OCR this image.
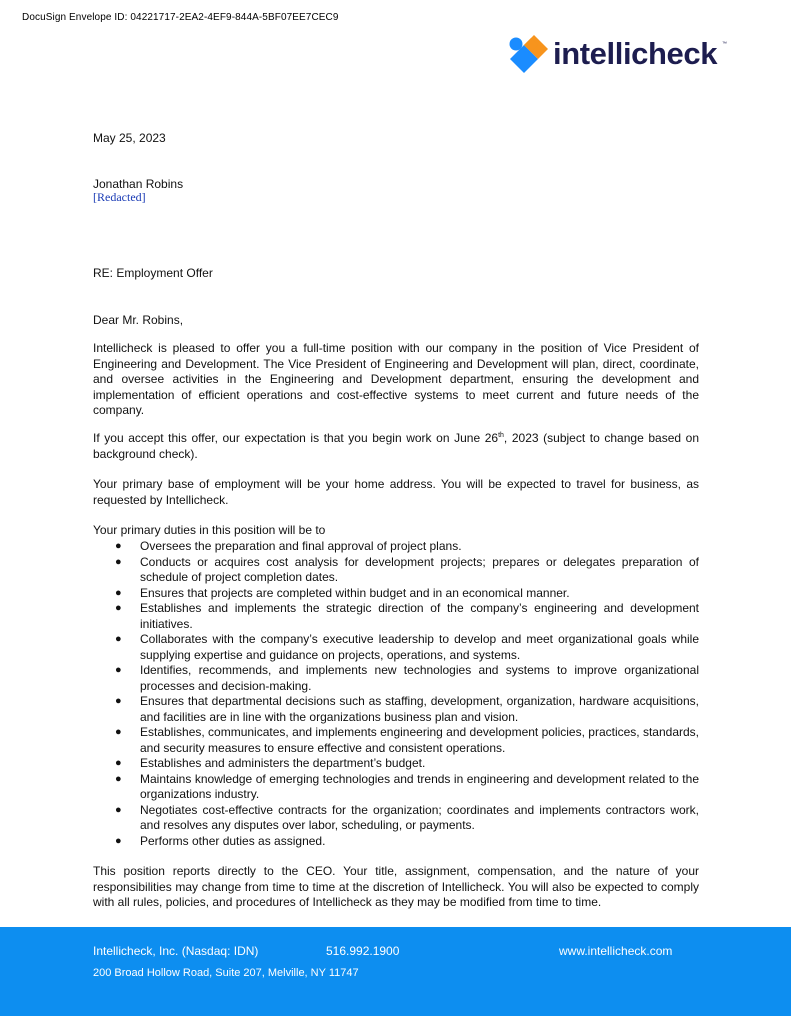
DocuSign Envelope ID: 04221717-2EA2-4EF9-844A-5BF07EE7CEC9
intellicheck ™
May 25, 2023
Jonathan Robins
[Redacted]
RE: Employment Offer
Dear Mr. Robins,
Intellicheck is pleased to offer you a full-time position with our company in the position of Vice President of Engineering and Development. The Vice President of Engineering and Development will plan, direct, coordinate, and oversee activities in the Engineering and Development department, ensuring the development and implementation of efficient operations and cost-effective systems to meet current and future needs of the company.
If you accept this offer, our expectation is that you begin work on June 26th, 2023 (subject to change based on background check).
Your primary base of employment will be your home address. You will be expected to travel for business, as requested by Intellicheck.
Your primary duties in this position will be to
● Oversees the preparation and final approval of project plans.
● Conducts or acquires cost analysis for development projects; prepares or delegates preparation of schedule of project completion dates.
● Ensures that projects are completed within budget and in an economical manner.
● Establishes and implements the strategic direction of the company’s engineering and development initiatives.
● Collaborates with the company’s executive leadership to develop and meet organizational goals while supplying expertise and guidance on projects, operations, and systems.
● Identifies, recommends, and implements new technologies and systems to improve organizational processes and decision-making.
● Ensures that departmental decisions such as staffing, development, organization, hardware acquisitions, and facilities are in line with the organizations business plan and vision.
● Establishes, communicates, and implements engineering and development policies, practices, standards, and security measures to ensure effective and consistent operations.
● Establishes and administers the department’s budget.
● Maintains knowledge of emerging technologies and trends in engineering and development related to the organizations industry.
● Negotiates cost-effective contracts for the organization; coordinates and implements contractors work, and resolves any disputes over labor, scheduling, or payments.
● Performs other duties as assigned.
This position reports directly to the CEO. Your title, assignment, compensation, and the nature of your responsibilities may change from time to time at the discretion of Intellicheck. You will also be expected to comply with all rules, policies, and procedures of Intellicheck as they may be modified from time to time.
Intellicheck, Inc. (Nasdaq: IDN)	516.992.1900	www.intellicheck.com
200 Broad Hollow Road, Suite 207, Melville, NY 11747
